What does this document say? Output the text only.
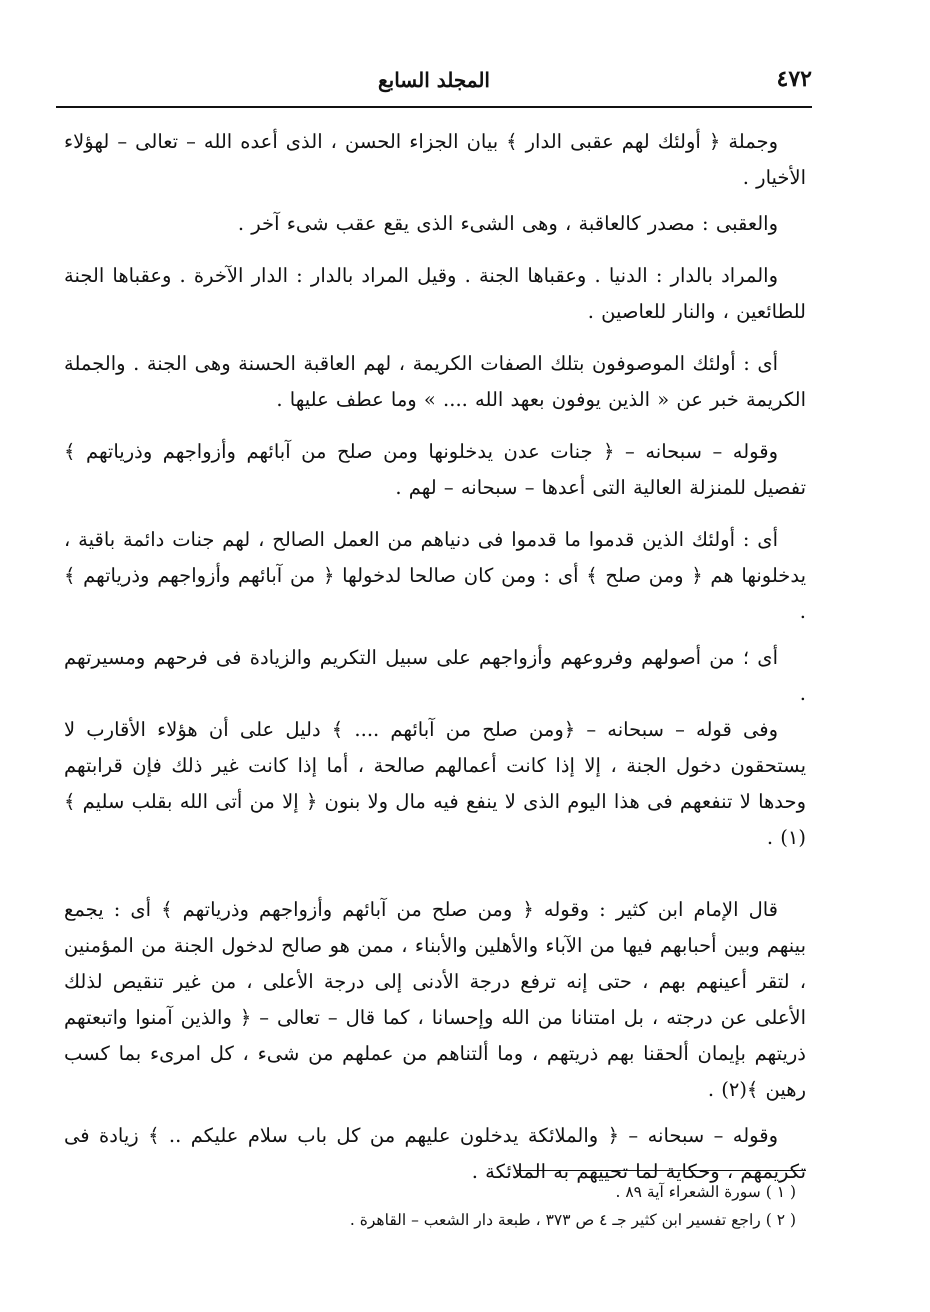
٤٧٢
المجلد السابع

وجملة ﴿ أولئك لهم عقبى الدار ﴾ بيان الجزاء الحسن ، الذى أعده الله – تعالى – لهؤلاء الأخيار .

والعقبى : مصدر كالعاقبة ، وهى الشىء الذى يقع عقب شىء آخر .

والمراد بالدار : الدنيا . وعقباها الجنة . وقيل المراد بالدار : الدار الآخرة . وعقباها الجنة للطائعين ، والنار للعاصين .

أى : أولئك الموصوفون بتلك الصفات الكريمة ، لهم العاقبة الحسنة وهى الجنة . والجملة الكريمة خبر عن « الذين يوفون بعهد الله .... » وما عطف عليها .

وقوله – سبحانه – ﴿ جنات عدن يدخلونها ومن صلح من آبائهم وأزواجهم وذرياتهم ﴾ تفصيل للمنزلة العالية التى أعدها – سبحانه – لهم .

أى : أولئك الذين قدموا ما قدموا فى دنياهم من العمل الصالح ، لهم جنات دائمة باقية ، يدخلونها هم ﴿ ومن صلح ﴾ أى : ومن كان صالحا لدخولها ﴿ من آبائهم وأزواجهم وذرياتهم ﴾ .

أى ؛ من أصولهم وفروعهم وأزواجهم على سبيل التكريم والزيادة فى فرحهم ومسيرتهم .

وفى قوله – سبحانه – ﴿ومن صلح من آبائهم .... ﴾ دليل على أن هؤلاء الأقارب لا يستحقون دخول الجنة ، إلا إذا كانت أعمالهم صالحة ، أما إذا كانت غير ذلك فإن قرابتهم وحدها لا تنفعهم فى هذا اليوم الذى لا ينفع فيه مال ولا بنون ﴿ إلا من أتى الله بقلب سليم ﴾(١) .

قال الإمام ابن كثير : وقوله ﴿ ومن صلح من آبائهم وأزواجهم وذرياتهم ﴾ أى : يجمع بينهم وبين أحبابهم فيها من الآباء والأهلين والأبناء ، ممن هو صالح لدخول الجنة من المؤمنين ، لتقر أعينهم بهم ، حتى إنه ترفع درجة الأدنى إلى درجة الأعلى ، من غير تنقيص لذلك الأعلى عن درجته ، بل امتنانا من الله وإحسانا ، كما قال – تعالى – ﴿ والذين آمنوا واتبعتهم ذريتهم بإيمان ألحقنا بهم ذريتهم ، وما ألتناهم من عملهم من شىء ، كل امرىء بما كسب رهين ﴾(٢) .

وقوله – سبحانه – ﴿ والملائكة يدخلون عليهم من كل باب سلام عليكم .. ﴾ زيادة فى تكريمهم ، وحكاية لما تحييهم به الملائكة .

( ١ ) سورة الشعراء آية ٨٩ .

( ٢ ) راجع تفسير ابن كثير جـ ٤ ص ٣٧٣ ، طبعة دار الشعب – القاهرة .
